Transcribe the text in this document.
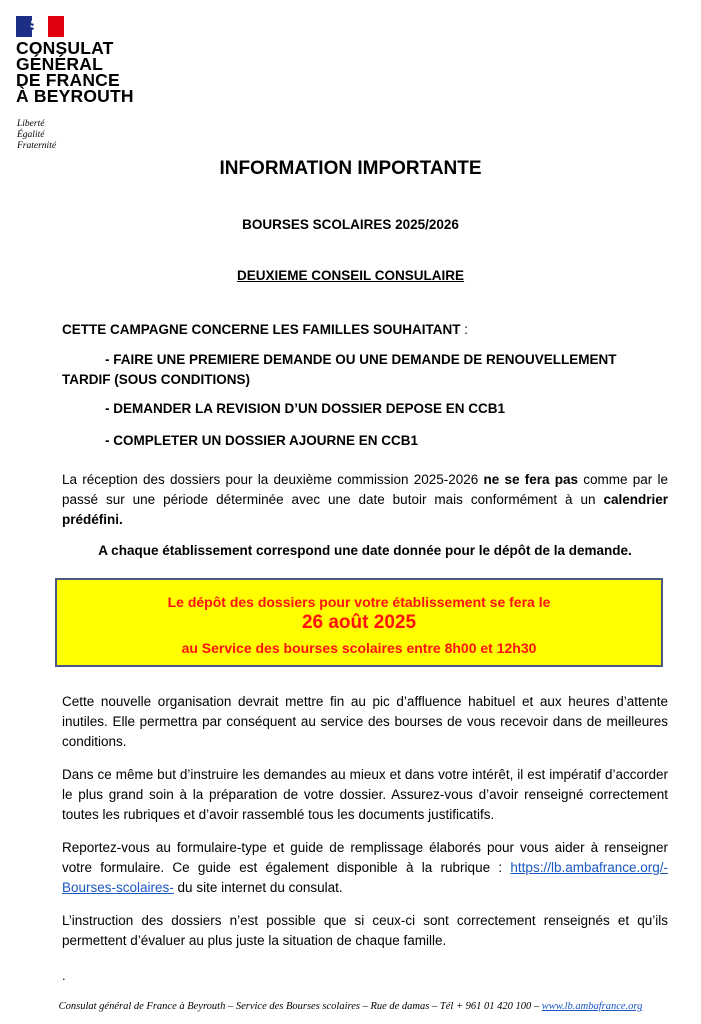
CONSULAT
GÉNÉRAL
DE FRANCE
À BEYROUTH
Liberté
Égalité
Fraternité
INFORMATION IMPORTANTE
BOURSES SCOLAIRES 2025/2026
DEUXIEME CONSEIL CONSULAIRE
CETTE CAMPAGNE CONCERNE LES FAMILLES SOUHAITANT :
- FAIRE UNE PREMIERE DEMANDE OU UNE DEMANDE DE RENOUVELLEMENT
TARDIF (SOUS CONDITIONS)
- DEMANDER LA REVISION D’UN DOSSIER DEPOSE EN CCB1
- COMPLETER UN DOSSIER AJOURNE EN CCB1
La réception des dossiers pour la deuxième commission 2025-2026 ne se fera pas comme par le passé sur une période déterminée avec une date butoir mais conformément à un calendrier prédéfini.
A chaque établissement correspond une date donnée pour le dépôt de la demande.
Le dépôt des dossiers pour votre établissement se fera le
26 août 2025
au Service des bourses scolaires entre 8h00 et 12h30
Cette nouvelle organisation devrait mettre fin au pic d’affluence habituel et aux heures d’attente inutiles. Elle permettra par conséquent au service des bourses de vous recevoir dans de meilleures conditions.
Dans ce même but d’instruire les demandes au mieux et dans votre intérêt, il est impératif d’accorder le plus grand soin à la préparation de votre dossier. Assurez-vous d’avoir renseigné correctement toutes les rubriques et d’avoir rassemblé tous les documents justificatifs.
Reportez-vous au formulaire-type et guide de remplissage élaborés pour vous aider à renseigner votre formulaire. Ce guide est également disponible à la rubrique : https://lb.ambafrance.org/-Bourses-scolaires- du site internet du consulat.
L’instruction des dossiers n’est possible que si ceux-ci sont correctement renseignés et qu’ils permettent d’évaluer au plus juste la situation de chaque famille.
.
Consulat général de France à Beyrouth – Service des Bourses scolaires – Rue de damas – Tél + 961 01 420 100 – www.lb.ambafrance.org
